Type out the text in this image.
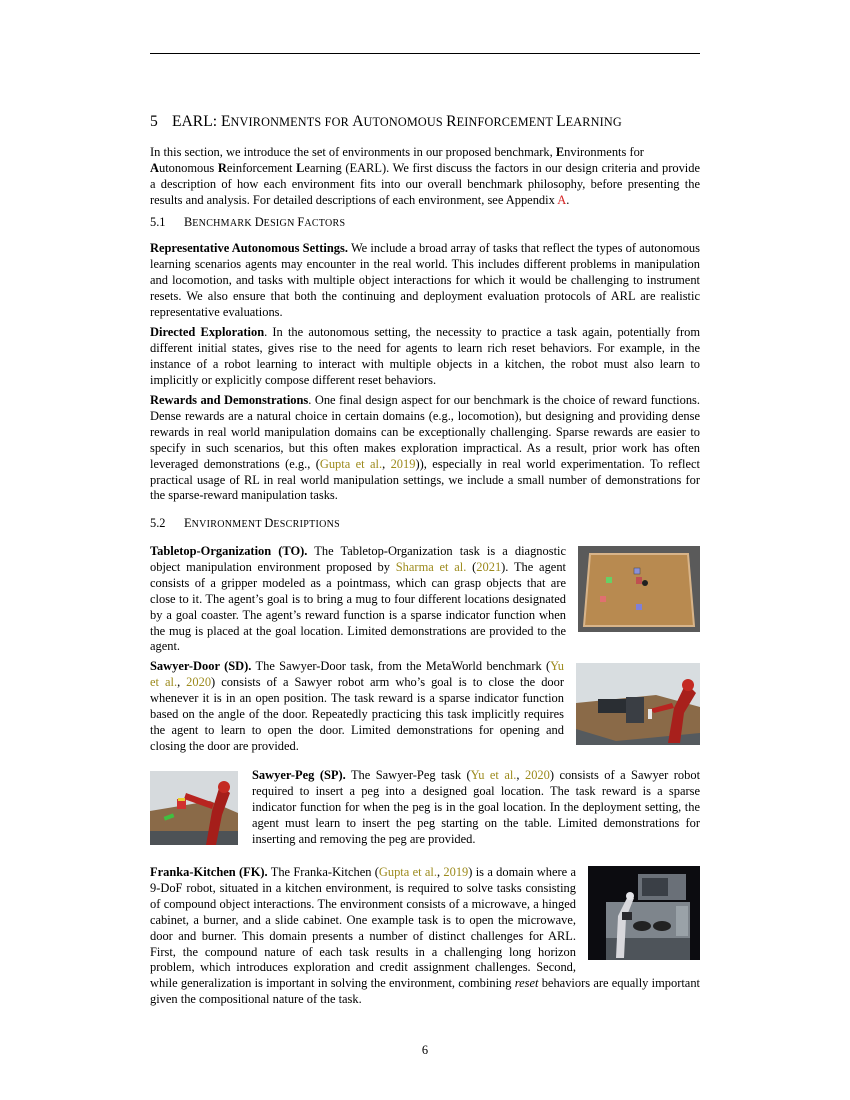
5 EARL: ENVIRONMENTS FOR AUTONOMOUS REINFORCEMENT LEARNING

In this section, we introduce the set of environments in our proposed benchmark, Environments for
Autonomous Reinforcement Learning (EARL). We first discuss the factors in our design criteria and provide a description of how each environment fits into our overall benchmark philosophy, before presenting the results and analysis. For detailed descriptions of each environment, see Appendix A.

5.1 BENCHMARK DESIGN FACTORS

Representative Autonomous Settings. We include a broad array of tasks that reflect the types of autonomous learning scenarios agents may encounter in the real world. This includes different problems in manipulation and locomotion, and tasks with multiple object interactions for which it would be challenging to instrument resets. We also ensure that both the continuing and deployment evaluation protocols of ARL are realistic representative evaluations.

Directed Exploration. In the autonomous setting, the necessity to practice a task again, potentially from different initial states, gives rise to the need for agents to learn rich reset behaviors. For example, in the instance of a robot learning to interact with multiple objects in a kitchen, the robot must also learn to implicitly or explicitly compose different reset behaviors.

Rewards and Demonstrations. One final design aspect for our benchmark is the choice of reward functions. Dense rewards are a natural choice in certain domains (e.g., locomotion), but designing and providing dense rewards in real world manipulation domains can be exceptionally challenging. Sparse rewards are easier to specify in such scenarios, but this often makes exploration impractical. As a result, prior work has often leveraged demonstrations (e.g., (Gupta et al., 2019)), especially in real world experimentation. To reflect practical usage of RL in real world manipulation settings, we include a small number of demonstrations for the sparse-reward manipulation tasks.

5.2 ENVIRONMENT DESCRIPTIONS

Tabletop-Organization (TO). The Tabletop-Organization task is a diagnostic object manipulation environment proposed by Sharma et al. (2021). The agent consists of a gripper modeled as a pointmass, which can grasp objects that are close to it. The agent’s goal is to bring a mug to four different locations designated by a goal coaster. The agent’s reward function is a sparse indicator function when the mug is placed at the goal location. Limited demonstrations are provided to the agent.

Sawyer-Door (SD). The Sawyer-Door task, from the MetaWorld benchmark (Yu et al., 2020) consists of a Sawyer robot arm who’s goal is to close the door whenever it is in an open position. The task reward is a sparse indicator function based on the angle of the door. Repeatedly practicing this task implicitly requires the agent to learn to open the door. Limited demonstrations for opening and closing the door are provided.

Sawyer-Peg (SP). The Sawyer-Peg task (Yu et al., 2020) consists of a Sawyer robot required to insert a peg into a designed goal location. The task reward is a sparse indicator function for when the peg is in the goal location. In the deployment setting, the agent must learn to insert the peg starting on the table. Limited demonstrations for inserting and removing the peg are provided.

Franka-Kitchen (FK). The Franka-Kitchen (Gupta et al., 2019) is a domain where a 9-DoF robot, situated in a kitchen environment, is required to solve tasks consisting of compound object interactions. The environment consists of a microwave, a hinged cabinet, a burner, and a slide cabinet. One example task is to open the microwave, door and burner. This domain presents a number of distinct challenges for ARL. First, the compound nature of each task results in a challenging long horizon problem, which introduces exploration and credit assignment challenges. Second, while generalization is important in solving the environment, combining reset behaviors are equally important given the compositional nature of the task.

6
